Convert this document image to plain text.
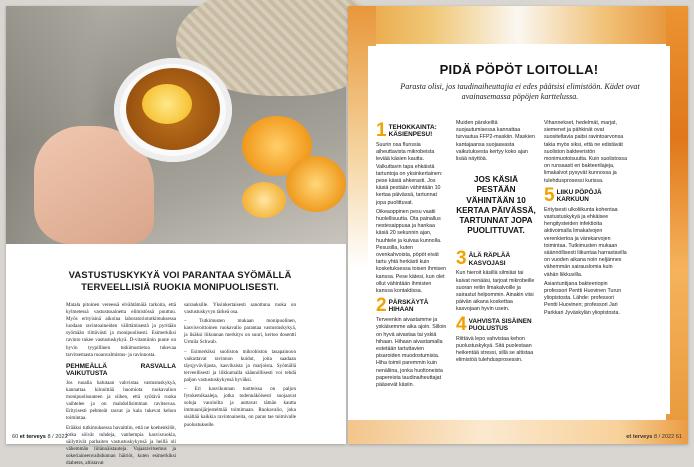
VASTUSTUSKYKYÄ VOI PARANTAA SYÖMÄLLÄ TERVEELLISIÄ RUOKIA MONIPUOLISESTI.

Matala pitoinen vereessä elvähtämäiä tarkoita, että kylmetessä vastustusainetta elimistössä puuttuu. Myös erityisinä aikoina laboratoriotutkimuksessa luodaan ravintoaineiden välittämisestä ja pyritään syömään riittävästi ja monipuolisesti. Esimerkiksi ravinto tukee vastustuskykyä. D-vitamiinin puute on hyvin tyypillinen tutkimustietoa tukevaa tarvitsemasta ruoanvalmistus- ja ravinnosta.

PEHMEÄLLÄ RASVALLA VAIKUTUSTA

Jos ruoalla halutaan vahvistaa vastustuskykyä, kannattaa kiinnittää huomiota ruokavalion monipuolisuuteen ja siihen, että syötävä ruoka vaihtelee ja on mahdollisimman ravitsevaa. Erityisesti pehmeät rasvat ja kala tukevat kehon toimintaa.

Erääksi tutkimuksessa havaittiin, että ne koehenkilöt, jotka söivät tuhdeja, vanhempia kasvisruokia, säilyttivät parhaiten vastustuskykynsä ja heillä oli vähemmän liitännäistauteja. Vajaaravitsemus ja sokeriaineenvaihdunnan häiriöt, kuten esimerkiksi diabetes, altistavat

sairauksille. Yksinkertaisesti sanottuna ruoka on vastustuskyvyn tärkeä osa.

– Tutkimusten mukaan monipuolinen, kasvisvoittoinen ruokavalio parantaa vastustuskykyä, ja lisäksi liikunnan merkitys on suuri, kertoo dosentti Urmila Schwab.

– Esimerkiksi suoliston mikrobiston tasapainoon vaikuttavat ravinnon kuidut, joita saadaan täysjyväviljasta, kasviksista ja marjoista. Syömällä terveellisesti ja liikkumalla säännöllisesti voi tehdä paljon vastustuskykynsä hyväksi.

– Eri kasvikunnan tuotteissa on paljon fytokemikaaleja, jotka todennäköisesti suojaavat soluja vaurioilta ja auttavat tämän kautta immuunijärjestelmää toimimaan. Ruokavalio, joka sisältää kaikkia ravintoaineita, on paras tae toimivalle puolustukselle.

60 et terveys 8 / 2022
PIDÄ PÖPÖT LOITOLLA!
Parasta olisi, jos taudinaiheuttajia ei edes päätsisi elimistöön. Kädet ovat avainasemassa pöpöjen karttelussa.
1 TEHOKKAINTA: KÄSIENPESU!

Suurin osa flunssia aiheuttavista mikrobeista leviää käsien kautta. Valkuttavin tapa ehkäistä tartuntoja on yksinkertainen: pese käsiä ahkerasti. Jos käsiä pestään vähintään 10 kertaa päivässä, tartunnat jopa puolittuvat.

Oikeaoppinen pesu vaatii huolellisuutta. Ota painallus nestesaippuaa ja hankaa käsiä 20 sekunnin ajan, huuhtele ja kuivaa kunnolla. Pesusilla, kuten ovenkahvoista, pöpöt eivät tartu yhtä herkästi kuin kosketuksessa toisen ihmisen kanssa. Pese kätesi, kun olet ollut vähintään ihmisten kanssa kontaktissa.

2 PÄRSKÄYTÄ HIHAAN

Terveenkin aivastamme ja yskäisemme aika ajoin. Silloin on hyvä aivastaa tai yskiä hihaan. Hihaan aivastamalla estetään tartuttavien pisaroiden muodostumista. Hiha toimii paremmin kuin nenäliina, jonka huoltoneista papereista taudinaiheuttajat pääsevät käsiin.

Muiden pärskeiltä suojautumisessa kannattaa turvautua FFP2-maskiin. Maskien kantajaansa suojaavasta vaikutuksesta kertyy koko ajan lisää näyttöä.

JOS KÄSIÄ PESTÄÄN VÄHINTÄÄN 10 KERTAA PÄIVÄSSÄ, TARTUNNAT JOPA PUOLITTUVAT.
3 ÄLÄ RÄPLÄÄ KASVOJASI

Kun hieroit käsillä silmiäsi tai kaivat nenääsi, tarjoat mikrobeille suoran reitin limakalvoille ja sairastut helpommin. Ainakin viisi päivän aikana koskettaa kasvojaan hyvin usein.

4 VAHVISTA SISÄINEN PUOLUSTUS

Riittävä lepo vahvistaa kehon puolustuskykyä. Sitä puolestaan heikentää stressi, sillä se altistaa elimistöä tulehdusprosessin.

Vihannekset, hedelmät, marjat, siemenet ja pähkinät ovat suositeltavia paitsi ravintoarvonsa takia myös siksi, että ne edistävät suoliston bakteeristön monimuotoisuutta. Kuin suolistossa on runsaasti eri bakteerilajeja, limakalvot pysyvät kunnossa ja tulehdusprosessi kurissa.

5 LIIKU PÖPÖJÄ KARKUUN

Erityisesti ulkoliikunta kohentaa vastustuskykyä ja ehkäisee hengitysteiden infektioita aktivoimalla limakalvojen verenkiertoa ja värekarvojen toimintaa. Tutkimusten mukaan säännöllisesti liikuntaa harrastavilla on vuoden aikana noin neljännes vähemmän sairauslomia kuin vähän liikkuvilla.

Asiantuntijana bakteeriopin professori Pentti Huovinen Turun yliopistosta. Lähde: professori Pentti Huovinen; professori Jari Parkkari Jyväskylän yliopistosta.

et terveys 8 / 2022 61
